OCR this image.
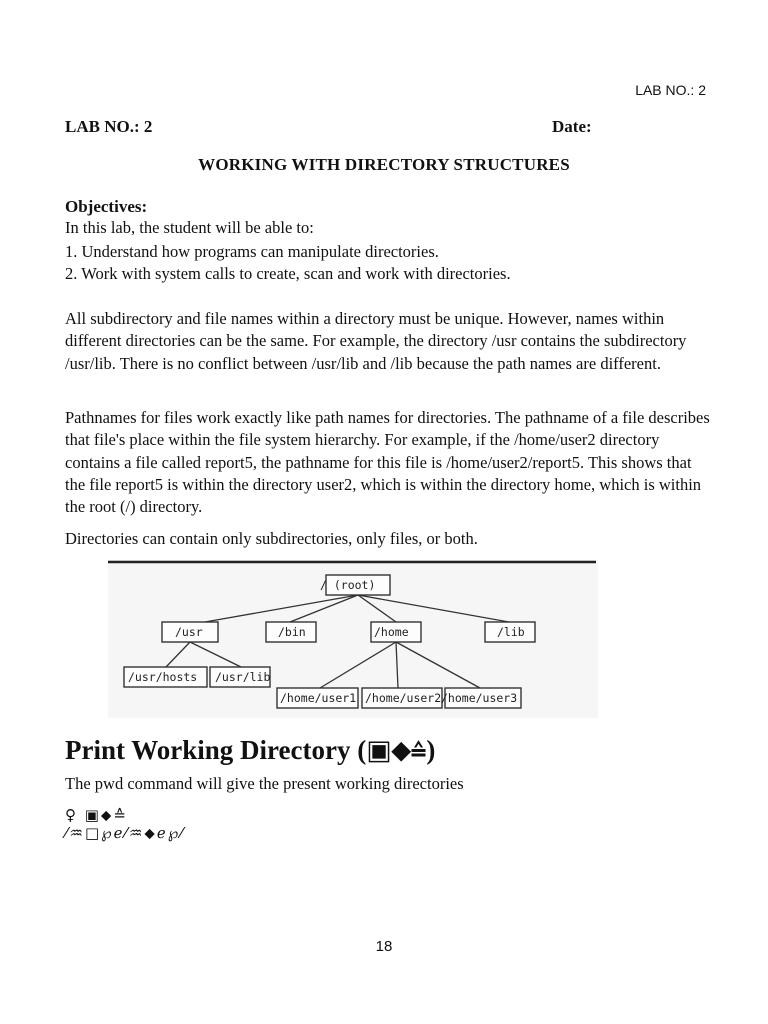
LAB NO.: 2
LAB NO.: 2	Date:
WORKING WITH DIRECTORY STRUCTURES
Objectives:
In this lab, the student will be able to:
1. Understand how programs can manipulate directories.
2. Work with system calls to create, scan and work with directories.
All subdirectory and file names within a directory must be unique. However, names within different directories can be the same. For example, the directory /usr contains the subdirectory /usr/lib. There is no conflict between /usr/lib and /lib because the path names are different.
Pathnames for files work exactly like path names for directories. The pathname of a file describes that file's place within the file system hierarchy. For example, if the /home/user2 directory contains a file called report5, the pathname for this file is /home/user2/report5. This shows that the file report5 is within the directory user2, which is within the directory home, which is within the root (/) directory.
Directories can contain only subdirectories, only files, or both.
/ (root)
/usr	/bin	/home	/lib
/usr/hosts /usr/lib
/home/user1 /home/user2 /home/user3
Print Working Directory (▣⬥≙)
The pwd command will give the present working directories
♀ ▣⬥≙
⁄♒□℘ℯ⁄♒⬥ℯ℘⁄
18
